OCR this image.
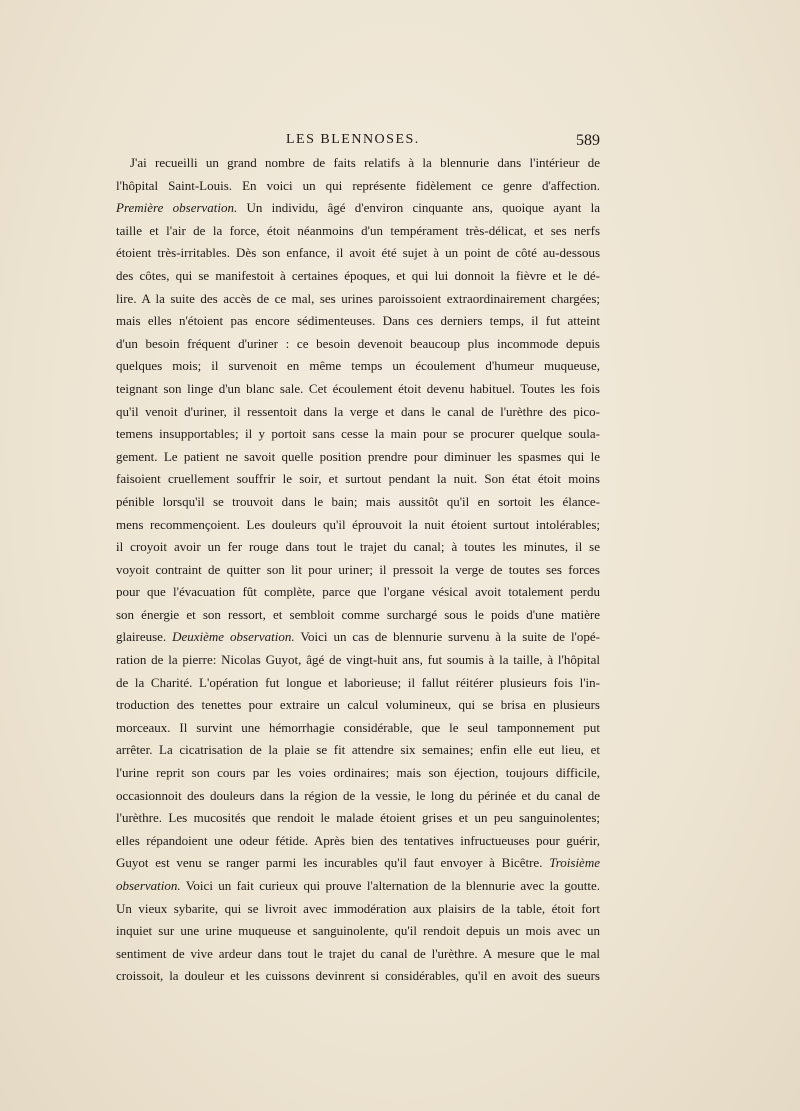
LES BLENNOSES.	589
J'ai recueilli un grand nombre de faits relatifs à la blennurie dans l'intérieur de
l'hôpital Saint-Louis. En voici un qui représente fidèlement ce genre d'affection.
Première observation. Un individu, âgé d'environ cinquante ans, quoique ayant la
taille et l'air de la force, étoit néanmoins d'un tempérament très-délicat, et ses nerfs
étoient très-irritables. Dès son enfance, il avoit été sujet à un point de côté au-dessous
des côtes, qui se manifestoit à certaines époques, et qui lui donnoit la fièvre et le dé-
lire. A la suite des accès de ce mal, ses urines paroissoient extraordinairement chargées;
mais elles n'étoient pas encore sédimenteuses. Dans ces derniers temps, il fut atteint
d'un besoin fréquent d'uriner : ce besoin devenoit beaucoup plus incommode depuis
quelques mois; il survenoit en même temps un écoulement d'humeur muqueuse,
teignant son linge d'un blanc sale. Cet écoulement étoit devenu habituel. Toutes les fois
qu'il venoit d'uriner, il ressentoit dans la verge et dans le canal de l'urèthre des pico-
temens insupportables; il y portoit sans cesse la main pour se procurer quelque soula-
gement. Le patient ne savoit quelle position prendre pour diminuer les spasmes qui le
faisoient cruellement souffrir le soir, et surtout pendant la nuit. Son état étoit moins
pénible lorsqu'il se trouvoit dans le bain; mais aussitôt qu'il en sortoit les élance-
mens recommençoient. Les douleurs qu'il éprouvoit la nuit étoient surtout intolérables;
il croyoit avoir un fer rouge dans tout le trajet du canal; à toutes les minutes, il se
voyoit contraint de quitter son lit pour uriner; il pressoit la verge de toutes ses forces
pour que l'évacuation fût complète, parce que l'organe vésical avoit totalement perdu
son énergie et son ressort, et sembloit comme surchargé sous le poids d'une matière
glaireuse. Deuxième observation. Voici un cas de blennurie survenu à la suite de l'opé-
ration de la pierre: Nicolas Guyot, âgé de vingt-huit ans, fut soumis à la taille, à l'hôpital
de la Charité. L'opération fut longue et laborieuse; il fallut réitérer plusieurs fois l'in-
troduction des tenettes pour extraire un calcul volumineux, qui se brisa en plusieurs
morceaux. Il survint une hémorrhagie considérable, que le seul tamponnement put
arrêter. La cicatrisation de la plaie se fit attendre six semaines; enfin elle eut lieu, et
l'urine reprit son cours par les voies ordinaires; mais son éjection, toujours difficile,
occasionnoit des douleurs dans la région de la vessie, le long du périnée et du canal de
l'urèthre. Les mucosités que rendoit le malade étoient grises et un peu sanguinolentes;
elles répandoient une odeur fétide. Après bien des tentatives infructueuses pour guérir,
Guyot est venu se ranger parmi les incurables qu'il faut envoyer à Bicêtre. Troisième
observation. Voici un fait curieux qui prouve l'alternation de la blennurie avec la goutte.
Un vieux sybarite, qui se livroit avec immodération aux plaisirs de la table, étoit fort
inquiet sur une urine muqueuse et sanguinolente, qu'il rendoit depuis un mois avec un
sentiment de vive ardeur dans tout le trajet du canal de l'urèthre. A mesure que le mal
croissoit, la douleur et les cuissons devinrent si considérables, qu'il en avoit des sueurs
